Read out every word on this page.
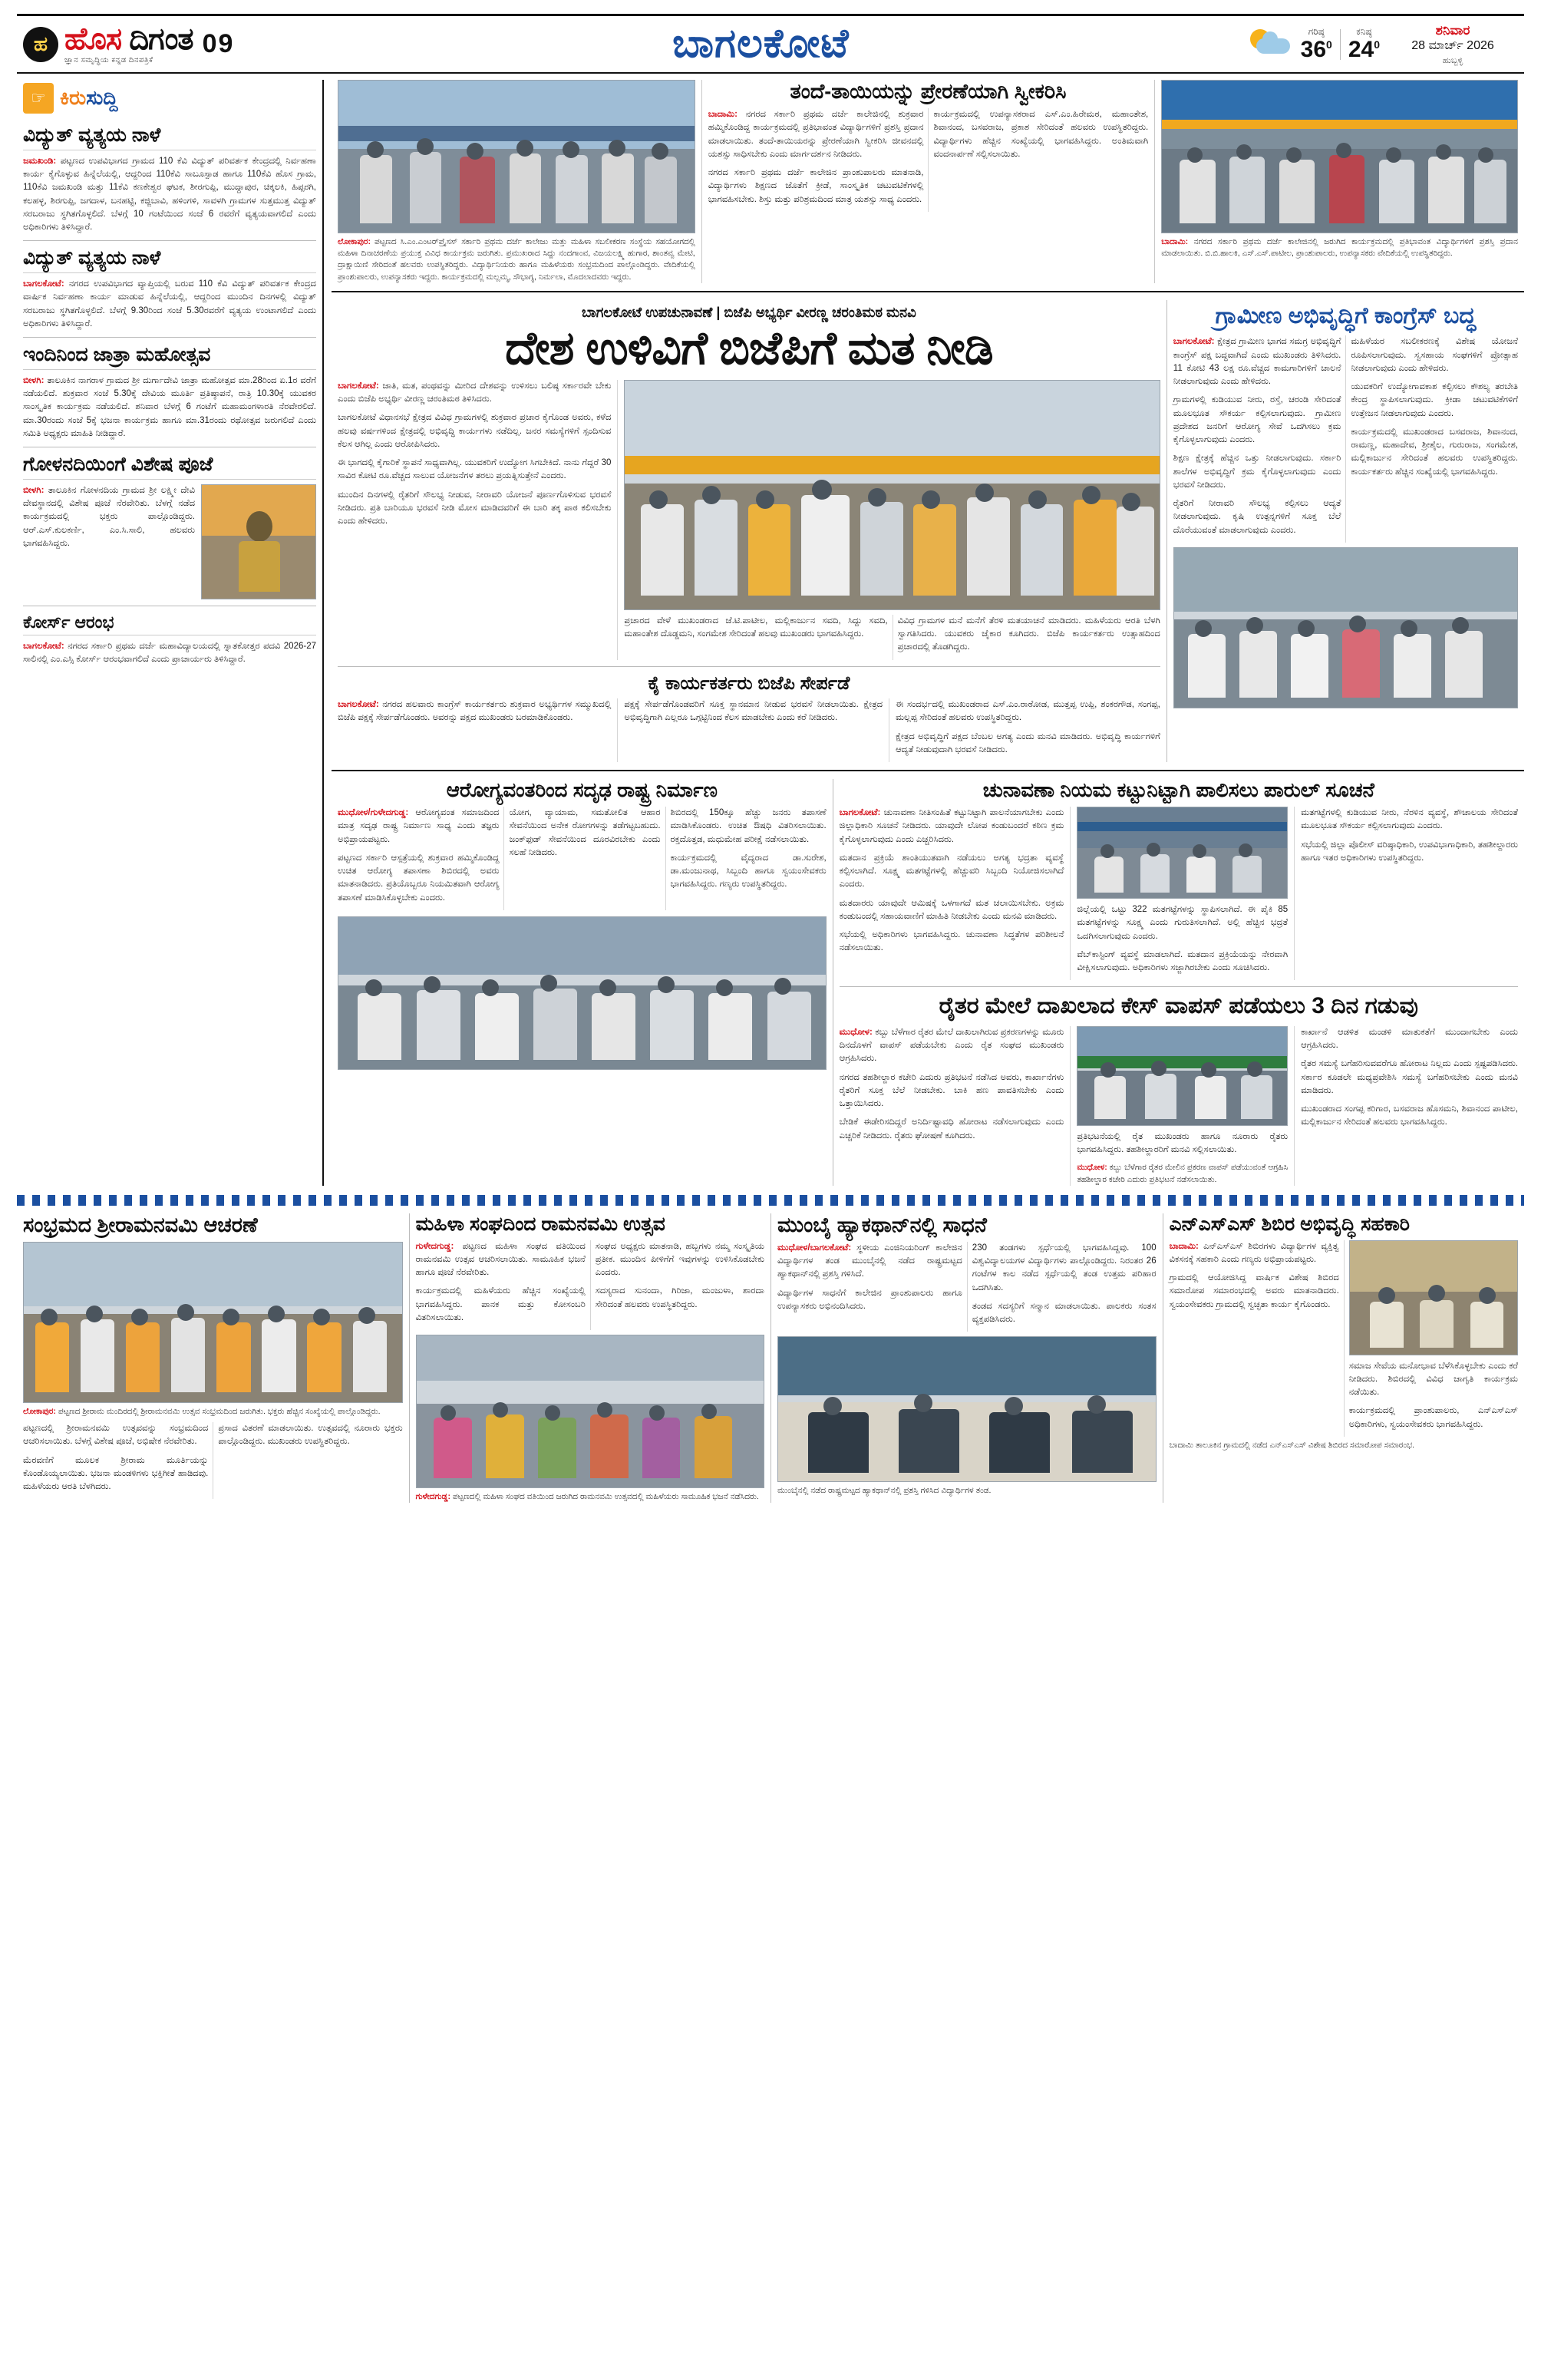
ಹ ಹೊಸ ದಿಗಂತ
ಜ್ಞಾನ ಸಮೃದ್ಧಿಯ ಕನ್ನಡ ದಿನಪತ್ರಿಕೆ
09	ಬಾಗಲಕೋಟೆ	ಗರಿಷ್ಠ
$36^0$
ಕನಿಷ್ಠ
$24^0$
ಶನಿವಾರ
28 ಮಾರ್ಚ್ 2026
ಹುಬ್ಬಳ್ಳಿ
☞ ಕಿರುಸುದ್ದಿ
ವಿದ್ಯುತ್ ವ್ಯತ್ಯಯ ನಾಳೆ

ಜಮಖಂಡಿ: ಪಟ್ಟಣದ ಉಪವಿಭಾಗದ ಗ್ರಾಮದ 110 ಕೆವಿ ವಿದ್ಯುತ್ ಪರಿವರ್ತಕ ಕೇಂದ್ರದಲ್ಲಿ ನಿರ್ವಹಣಾ ಕಾರ್ಯ ಕೈಗೊಳ್ಳುವ ಹಿನ್ನೆಲೆಯಲ್ಲಿ, ಆದ್ದರಿಂದ 110ಕೆವಿ ಸಾಬೂಸ್ಪಾಡ ಹಾಗೂ 110ಕೆವಿ ಹೊಸ ಗ್ರಾಮ, 110ಕೆವಿ ಜಮಖಂಡಿ ಮತ್ತು 11ಕೆವಿ ಕಣಕೇಶ್ವರ ಘಟಕ, ಶೀರಗುಪ್ಪಿ, ಮುದ್ದಾಪುರ, ಚಿಕ್ಕಲಕಿ, ಹಿಪ್ಪರಗಿ, ಕಲಹಳ್ಳ, ಶಿರಗುಪ್ಪಿ, ಜಗದಾಳ, ಬನಹಟ್ಟಿ, ಕಜ್ಜಿಬಾವಿ, ಹಳಿಂಗಳಿ, ಸಾವಳಗಿ ಗ್ರಾಮಗಳ ಸುತ್ತಮುತ್ತ ವಿದ್ಯುತ್ ಸರಬರಾಜು ಸ್ಥಗಿತಗೊಳ್ಳಲಿದೆ. ಬೆಳಗ್ಗೆ 10 ಗಂಟೆಯಿಂದ ಸಂಜೆ 6 ರವರೆಗೆ ವ್ಯತ್ಯಯವಾಗಲಿದೆ ಎಂದು ಅಧಿಕಾರಿಗಳು ತಿಳಿಸಿದ್ದಾರೆ.

ವಿದ್ಯುತ್ ವ್ಯತ್ಯಯ ನಾಳೆ

ಬಾಗಲಕೋಟೆ: ನಗರದ ಉಪವಿಭಾಗದ ವ್ಯಾಪ್ತಿಯಲ್ಲಿ ಬರುವ 110 ಕೆವಿ ವಿದ್ಯುತ್ ಪರಿವರ್ತಕ ಕೇಂದ್ರದ ವಾರ್ಷಿಕ ನಿರ್ವಹಣಾ ಕಾರ್ಯ ಮಾಡುವ ಹಿನ್ನೆಲೆಯಲ್ಲಿ, ಆದ್ದರಿಂದ ಮುಂದಿನ ದಿನಗಳಲ್ಲಿ ವಿದ್ಯುತ್ ಸರಬರಾಜು ಸ್ಥಗಿತಗೊಳ್ಳಲಿದೆ. ಬೆಳಗ್ಗೆ 9.30ರಿಂದ ಸಂಜೆ 5.30ರವರೆಗೆ ವ್ಯತ್ಯಯ ಉಂಟಾಗಲಿದೆ ಎಂದು ಅಧಿಕಾರಿಗಳು ತಿಳಿಸಿದ್ದಾರೆ.

ಇಂದಿನಿಂದ ಜಾತ್ರಾ ಮಹೋತ್ಸವ

ಬೀಳಗಿ: ತಾಲೂಕಿನ ನಾಗರಾಳ ಗ್ರಾಮದ ಶ್ರೀ ದುರ್ಗಾದೇವಿ ಜಾತ್ರಾ ಮಹೋತ್ಸವ ಮಾ.28ರಿಂದ ಏ.1ರ ವರೆಗೆ ನಡೆಯಲಿದೆ. ಶುಕ್ರವಾರ ಸಂಜೆ 5.30ಕ್ಕೆ ದೇವಿಯ ಮೂರ್ತಿ ಪ್ರತಿಷ್ಠಾಪನೆ, ರಾತ್ರಿ 10.30ಕ್ಕೆ ಯುವಕರ ಸಾಂಸ್ಕೃತಿಕ ಕಾರ್ಯಕ್ರಮ ನಡೆಯಲಿದೆ. ಶನಿವಾರ ಬೆಳಗ್ಗೆ 6 ಗಂಟೆಗೆ ಮಹಾಮಂಗಳಾರತಿ ನೆರವೇರಲಿದೆ. ಮಾ.30ರಂದು ಸಂಜೆ 5ಕ್ಕೆ ಭಜನಾ ಕಾರ್ಯಕ್ರಮ ಹಾಗೂ ಮಾ.31ರಂದು ರಥೋತ್ಸವ ಜರುಗಲಿದೆ ಎಂದು ಸಮಿತಿ ಅಧ್ಯಕ್ಷರು ಮಾಹಿತಿ ನೀಡಿದ್ದಾರೆ.

ಗೋಳನದಿಯಿಂಗೆ ವಿಶೇಷ ಪೂಜೆ

ಬೀಳಗಿ: ತಾಲೂಕಿನ ಗೋಳನದಿಯ ಗ್ರಾಮದ ಶ್ರೀ ಲಕ್ಷ್ಮೀ ದೇವಿ ದೇವಸ್ಥಾನದಲ್ಲಿ ವಿಶೇಷ ಪೂಜೆ ನೆರವೇರಿತು. ಬೆಳಗ್ಗೆ ನಡೆದ ಕಾರ್ಯಕ್ರಮದಲ್ಲಿ ಭಕ್ತರು ಪಾಲ್ಗೊಂಡಿದ್ದರು. ಆರ್.ಎಸ್.ಕುಲಕರ್ಣಿ, ಎಂ.ಸಿ.ಸಾಲಿ, ಹಲವರು ಭಾಗವಹಿಸಿದ್ದರು.

ಕೋರ್ಸ್ ಆರಂಭ

ಬಾಗಲಕೋಟೆ: ನಗರದ ಸರ್ಕಾರಿ ಪ್ರಥಮ ದರ್ಜೆ ಮಹಾವಿದ್ಯಾಲಯದಲ್ಲಿ ಸ್ನಾತಕೋತ್ತರ ಪದವಿ 2026-27 ಸಾಲಿನಲ್ಲಿ ಎಂ.ಎಸ್ಸಿ ಕೋರ್ಸ್ ಆರಂಭವಾಗಲಿದೆ ಎಂದು ಪ್ರಾಚಾರ್ಯರು ತಿಳಿಸಿದ್ದಾರೆ.

ಲೋಕಾಪುರ: ಪಟ್ಟಣದ ಸಿ.ಎಂ.ಎಂಟರ್‌ಪ್ರೈಸಸ್ ಸರ್ಕಾರಿ ಪ್ರಥಮ ದರ್ಜೆ ಕಾಲೇಜು ಮತ್ತು ಮಹಿಳಾ ಸಬಲೀಕರಣ ಸಂಸ್ಥೆಯ ಸಹಯೋಗದಲ್ಲಿ ಮಹಿಳಾ ದಿನಾಚರಣೆಯ ಪ್ರಯುಕ್ತ ವಿವಿಧ ಕಾರ್ಯಕ್ರಮ ಜರುಗಿತು. ಪ್ರಮುಖರಾದ ಸಿದ್ದು ನಂದಗಾಂವ, ವಿಜಯಲಕ್ಷ್ಮಿ ಹುಗಾರ, ಶಾಂತವ್ವ ಮೇಟಿ, ದ್ರಾಕ್ಷಾಯಿಣಿ ಸೇರಿದಂತೆ ಹಲವರು ಉಪಸ್ಥಿತರಿದ್ದರು. ವಿದ್ಯಾರ್ಥಿನಿಯರು ಹಾಗೂ ಮಹಿಳೆಯರು ಸಂಭ್ರಮದಿಂದ ಪಾಲ್ಗೊಂಡಿದ್ದರು. ವೇದಿಕೆಯಲ್ಲಿ ಪ್ರಾಂಶುಪಾಲರು, ಉಪನ್ಯಾಸಕರು ಇದ್ದರು. ಕಾರ್ಯಕ್ರಮದಲ್ಲಿ ಮಲ್ಲಮ್ಮ, ಸೌಭಾಗ್ಯ, ನಿರ್ಮಲಾ, ಮೊದಲಾದವರು ಇದ್ದರು.
ತಂದೆ-ತಾಯಿಯನ್ನು ಪ್ರೇರಣೆಯಾಗಿ ಸ್ವೀಕರಿಸಿ

ಬಾದಾಮಿ: ನಗರದ ಸರ್ಕಾರಿ ಪ್ರಥಮ ದರ್ಜೆ ಕಾಲೇಜಿನಲ್ಲಿ ಶುಕ್ರವಾರ ಹಮ್ಮಿಕೊಂಡಿದ್ದ ಕಾರ್ಯಕ್ರಮದಲ್ಲಿ ಪ್ರತಿಭಾವಂತ ವಿದ್ಯಾರ್ಥಿಗಳಿಗೆ ಪ್ರಶಸ್ತಿ ಪ್ರದಾನ ಮಾಡಲಾಯಿತು. ತಂದೆ-ತಾಯಿಯರನ್ನು ಪ್ರೇರಣೆಯಾಗಿ ಸ್ವೀಕರಿಸಿ ಜೀವನದಲ್ಲಿ ಯಶಸ್ಸು ಸಾಧಿಸಬೇಕು ಎಂದು ಮಾರ್ಗದರ್ಶನ ನೀಡಿದರು.

ನಗರದ ಸರ್ಕಾರಿ ಪ್ರಥಮ ದರ್ಜೆ ಕಾಲೇಜಿನ ಪ್ರಾಂಶುಪಾಲರು ಮಾತನಾಡಿ, ವಿದ್ಯಾರ್ಥಿಗಳು ಶಿಕ್ಷಣದ ಜೊತೆಗೆ ಕ್ರೀಡೆ, ಸಾಂಸ್ಕೃತಿಕ ಚಟುವಟಿಕೆಗಳಲ್ಲಿ ಭಾಗವಹಿಸಬೇಕು. ಶಿಸ್ತು ಮತ್ತು ಪರಿಶ್ರಮದಿಂದ ಮಾತ್ರ ಯಶಸ್ಸು ಸಾಧ್ಯ ಎಂದರು.

ಕಾರ್ಯಕ್ರಮದಲ್ಲಿ ಉಪನ್ಯಾಸಕರಾದ ಎಸ್.ಎಂ.ಹಿರೇಮಠ, ಮಹಾಂತೇಶ, ಶಿವಾನಂದ, ಬಸವರಾಜ, ಪ್ರಕಾಶ ಸೇರಿದಂತೆ ಹಲವರು ಉಪಸ್ಥಿತರಿದ್ದರು. ವಿದ್ಯಾರ್ಥಿಗಳು ಹೆಚ್ಚಿನ ಸಂಖ್ಯೆಯಲ್ಲಿ ಭಾಗವಹಿಸಿದ್ದರು. ಅಂತಿಮವಾಗಿ ವಂದನಾರ್ಪಣೆ ಸಲ್ಲಿಸಲಾಯಿತು.

ಬಾದಾಮಿ: ನಗರದ ಸರ್ಕಾರಿ ಪ್ರಥಮ ದರ್ಜೆ ಕಾಲೇಜಿನಲ್ಲಿ ಜರುಗಿದ ಕಾರ್ಯಕ್ರಮದಲ್ಲಿ ಪ್ರತಿಭಾವಂತ ವಿದ್ಯಾರ್ಥಿಗಳಿಗೆ ಪ್ರಶಸ್ತಿ ಪ್ರದಾನ ಮಾಡಲಾಯಿತು. ಬಿ.ಬಿ.ಹಾಲಕಿ, ಎಸ್.ಎಸ್.ಪಾಟೀಲ, ಪ್ರಾಂಶುಪಾಲರು, ಉಪನ್ಯಾಸಕರು ವೇದಿಕೆಯಲ್ಲಿ ಉಪಸ್ಥಿತರಿದ್ದರು.
ಬಾಗಲಕೋಟೆ ಉಪಚುನಾವಣೆ | ಬಿಜೆಪಿ ಅಭ್ಯರ್ಥಿ ವೀರಣ್ಣ ಚರಂತಿಮಠ ಮನವಿ
ದೇಶ ಉಳಿವಿಗೆ ಬಿಜೆಪಿಗೆ ಮತ ನೀಡಿ

ಬಾಗಲಕೋಟೆ: ಜಾತಿ, ಮತ, ಪಂಥವನ್ನು ಮೀರಿದ ದೇಶವನ್ನು ಉಳಿಸಲು ಬಲಿಷ್ಠ ಸರ್ಕಾರವೇ ಬೇಕು ಎಂದು ಬಿಜೆಪಿ ಅಭ್ಯರ್ಥಿ ವೀರಣ್ಣ ಚರಂತಿಮಠ ತಿಳಿಸಿದರು.

ಬಾಗಲಕೋಟೆ ವಿಧಾನಸಭೆ ಕ್ಷೇತ್ರದ ವಿವಿಧ ಗ್ರಾಮಗಳಲ್ಲಿ ಶುಕ್ರವಾರ ಪ್ರಚಾರ ಕೈಗೊಂಡ ಅವರು, ಕಳೆದ ಹಲವು ವರ್ಷಗಳಿಂದ ಕ್ಷೇತ್ರದಲ್ಲಿ ಅಭಿವೃದ್ಧಿ ಕಾರ್ಯಗಳು ನಡೆದಿಲ್ಲ. ಜನರ ಸಮಸ್ಯೆಗಳಿಗೆ ಸ್ಪಂದಿಸುವ ಕೆಲಸ ಆಗಿಲ್ಲ ಎಂದು ಆರೋಪಿಸಿದರು.

ಈ ಭಾಗದಲ್ಲಿ ಕೈಗಾರಿಕೆ ಸ್ಥಾಪನೆ ಸಾಧ್ಯವಾಗಿಲ್ಲ. ಯುವಕರಿಗೆ ಉದ್ಯೋಗ ಸಿಗಬೇಕಿದೆ. ನಾನು ಗೆದ್ದರೆ 30 ಸಾವಿರ ಕೋಟಿ ರೂ.ವೆಚ್ಚದ ಸಾಲುವ ಯೋಜನೆಗಳ ತರಲು ಪ್ರಯತ್ನಿಸುತ್ತೇನೆ ಎಂದರು.

ಮುಂದಿನ ದಿನಗಳಲ್ಲಿ ರೈತರಿಗೆ ಸೌಲಭ್ಯ ನೀಡುವ, ನೀರಾವರಿ ಯೋಜನೆ ಪೂರ್ಣಗೊಳಿಸುವ ಭರವಸೆ ನೀಡಿದರು. ಪ್ರತಿ ಬಾರಿಯೂ ಭರವಸೆ ನೀಡಿ ಮೋಸ ಮಾಡಿದವರಿಗೆ ಈ ಬಾರಿ ತಕ್ಕ ಪಾಠ ಕಲಿಸಬೇಕು ಎಂದು ಹೇಳಿದರು.

ಪ್ರಚಾರದ ವೇಳೆ ಮುಖಂಡರಾದ ಜೆ.ಟಿ.ಪಾಟೀಲ, ಮಲ್ಲಿಕಾರ್ಜುನ ಸವದಿ, ಸಿದ್ದು ಸವದಿ, ಮಹಾಂತೇಶ ದೊಡ್ಡಮನಿ, ಸಂಗಮೇಶ ಸೇರಿದಂತೆ ಹಲವು ಮುಖಂಡರು ಭಾಗವಹಿಸಿದ್ದರು.

ವಿವಿಧ ಗ್ರಾಮಗಳ ಮನೆ ಮನೆಗೆ ತೆರಳಿ ಮತಯಾಚನೆ ಮಾಡಿದರು. ಮಹಿಳೆಯರು ಆರತಿ ಬೆಳಗಿ ಸ್ವಾಗತಿಸಿದರು. ಯುವಕರು ಜೈಕಾರ ಕೂಗಿದರು. ಬಿಜೆಪಿ ಕಾರ್ಯಕರ್ತರು ಉತ್ಸಾಹದಿಂದ ಪ್ರಚಾರದಲ್ಲಿ ತೊಡಗಿದ್ದರು.

ಕೈ ಕಾರ್ಯಕರ್ತರು ಬಿಜೆಪಿ ಸೇರ್ಪಡೆ

ಬಾಗಲಕೋಟೆ: ನಗರದ ಹಲವಾರು ಕಾಂಗ್ರೆಸ್ ಕಾರ್ಯಕರ್ತರು ಶುಕ್ರವಾರ ಅಭ್ಯರ್ಥಿಗಳ ಸಮ್ಮುಖದಲ್ಲಿ ಬಿಜೆಪಿ ಪಕ್ಷಕ್ಕೆ ಸೇರ್ಪಡೆಗೊಂಡರು. ಅವರನ್ನು ಪಕ್ಷದ ಮುಖಂಡರು ಬರಮಾಡಿಕೊಂಡರು.

ಪಕ್ಷಕ್ಕೆ ಸೇರ್ಪಡೆಗೊಂಡವರಿಗೆ ಸೂಕ್ತ ಸ್ಥಾನಮಾನ ನೀಡುವ ಭರವಸೆ ನೀಡಲಾಯಿತು. ಕ್ಷೇತ್ರದ ಅಭಿವೃದ್ಧಿಗಾಗಿ ಎಲ್ಲರೂ ಒಗ್ಗಟ್ಟಿನಿಂದ ಕೆಲಸ ಮಾಡಬೇಕು ಎಂದು ಕರೆ ನೀಡಿದರು.

ಈ ಸಂದರ್ಭದಲ್ಲಿ ಮುಖಂಡರಾದ ಎಸ್.ಎಂ.ರಾಠೋಡ, ಮುತ್ತಪ್ಪ ಉಪ್ಪಿ, ಶಂಕರಗೌಡ, ಸಂಗಪ್ಪ, ಮಲ್ಲಪ್ಪ ಸೇರಿದಂತೆ ಹಲವರು ಉಪಸ್ಥಿತರಿದ್ದರು.

ಕ್ಷೇತ್ರದ ಅಭಿವೃದ್ಧಿಗೆ ಪಕ್ಷದ ಬೆಂಬಲ ಅಗತ್ಯ ಎಂದು ಮನವಿ ಮಾಡಿದರು. ಅಭಿವೃದ್ಧಿ ಕಾರ್ಯಗಳಿಗೆ ಆದ್ಯತೆ ನೀಡುವುದಾಗಿ ಭರವಸೆ ನೀಡಿದರು.

ಗ್ರಾಮೀಣ ಅಭಿವೃದ್ಧಿಗೆ ಕಾಂಗ್ರೆಸ್ ಬದ್ಧ

ಬಾಗಲಕೋಟೆ: ಕ್ಷೇತ್ರದ ಗ್ರಾಮೀಣ ಭಾಗದ ಸಮಗ್ರ ಅಭಿವೃದ್ಧಿಗೆ ಕಾಂಗ್ರೆಸ್ ಪಕ್ಷ ಬದ್ಧವಾಗಿದೆ ಎಂದು ಮುಖಂಡರು ತಿಳಿಸಿದರು. 11 ಕೋಟಿ 43 ಲಕ್ಷ ರೂ.ವೆಚ್ಚದ ಕಾಮಗಾರಿಗಳಿಗೆ ಚಾಲನೆ ನೀಡಲಾಗುವುದು ಎಂದು ಹೇಳಿದರು.

ಗ್ರಾಮಗಳಲ್ಲಿ ಕುಡಿಯುವ ನೀರು, ರಸ್ತೆ, ಚರಂಡಿ ಸೇರಿದಂತೆ ಮೂಲಭೂತ ಸೌಕರ್ಯ ಕಲ್ಪಿಸಲಾಗುವುದು. ಗ್ರಾಮೀಣ ಪ್ರದೇಶದ ಜನರಿಗೆ ಆರೋಗ್ಯ ಸೇವೆ ಒದಗಿಸಲು ಕ್ರಮ ಕೈಗೊಳ್ಳಲಾಗುವುದು ಎಂದರು.

ಶಿಕ್ಷಣ ಕ್ಷೇತ್ರಕ್ಕೆ ಹೆಚ್ಚಿನ ಒತ್ತು ನೀಡಲಾಗುವುದು. ಸರ್ಕಾರಿ ಶಾಲೆಗಳ ಅಭಿವೃದ್ಧಿಗೆ ಕ್ರಮ ಕೈಗೊಳ್ಳಲಾಗುವುದು ಎಂದು ಭರವಸೆ ನೀಡಿದರು.

ರೈತರಿಗೆ ನೀರಾವರಿ ಸೌಲಭ್ಯ ಕಲ್ಪಿಸಲು ಆದ್ಯತೆ ನೀಡಲಾಗುವುದು. ಕೃಷಿ ಉತ್ಪನ್ನಗಳಿಗೆ ಸೂಕ್ತ ಬೆಲೆ ದೊರೆಯುವಂತೆ ಮಾಡಲಾಗುವುದು ಎಂದರು.

ಮಹಿಳೆಯರ ಸಬಲೀಕರಣಕ್ಕೆ ವಿಶೇಷ ಯೋಜನೆ ರೂಪಿಸಲಾಗುವುದು. ಸ್ವಸಹಾಯ ಸಂಘಗಳಿಗೆ ಪ್ರೋತ್ಸಾಹ ನೀಡಲಾಗುವುದು ಎಂದು ಹೇಳಿದರು.

ಯುವಕರಿಗೆ ಉದ್ಯೋಗಾವಕಾಶ ಕಲ್ಪಿಸಲು ಕೌಶಲ್ಯ ತರಬೇತಿ ಕೇಂದ್ರ ಸ್ಥಾಪಿಸಲಾಗುವುದು. ಕ್ರೀಡಾ ಚಟುವಟಿಕೆಗಳಿಗೆ ಉತ್ತೇಜನ ನೀಡಲಾಗುವುದು ಎಂದರು.

ಕಾರ್ಯಕ್ರಮದಲ್ಲಿ ಮುಖಂಡರಾದ ಬಸವರಾಜ, ಶಿವಾನಂದ, ರಾಮಣ್ಣ, ಮಹಾದೇವ, ಶ್ರೀಶೈಲ, ಗುರುರಾಜ, ಸಂಗಮೇಶ, ಮಲ್ಲಿಕಾರ್ಜುನ ಸೇರಿದಂತೆ ಹಲವರು ಉಪಸ್ಥಿತರಿದ್ದರು. ಕಾರ್ಯಕರ್ತರು ಹೆಚ್ಚಿನ ಸಂಖ್ಯೆಯಲ್ಲಿ ಭಾಗವಹಿಸಿದ್ದರು.

ಆರೋಗ್ಯವಂತರಿಂದ ಸದೃಢ ರಾಷ್ಟ್ರ ನಿರ್ಮಾಣ

ಮುಧೋಳ/ಗುಳೇದಗುಡ್ಡ: ಆರೋಗ್ಯವಂತ ಸಮಾಜದಿಂದ ಮಾತ್ರ ಸದೃಢ ರಾಷ್ಟ್ರ ನಿರ್ಮಾಣ ಸಾಧ್ಯ ಎಂದು ತಜ್ಞರು ಅಭಿಪ್ರಾಯಪಟ್ಟರು.

ಪಟ್ಟಣದ ಸರ್ಕಾರಿ ಆಸ್ಪತ್ರೆಯಲ್ಲಿ ಶುಕ್ರವಾರ ಹಮ್ಮಿಕೊಂಡಿದ್ದ ಉಚಿತ ಆರೋಗ್ಯ ತಪಾಸಣಾ ಶಿಬಿರದಲ್ಲಿ ಅವರು ಮಾತನಾಡಿದರು. ಪ್ರತಿಯೊಬ್ಬರೂ ನಿಯಮಿತವಾಗಿ ಆರೋಗ್ಯ ತಪಾಸಣೆ ಮಾಡಿಸಿಕೊಳ್ಳಬೇಕು ಎಂದರು.

ಯೋಗ, ವ್ಯಾಯಾಮ, ಸಮತೋಲಿತ ಆಹಾರ ಸೇವನೆಯಿಂದ ಅನೇಕ ರೋಗಗಳನ್ನು ತಡೆಗಟ್ಟಬಹುದು. ಜಂಕ್‌ಫುಡ್ ಸೇವನೆಯಿಂದ ದೂರವಿರಬೇಕು ಎಂದು ಸಲಹೆ ನೀಡಿದರು.

ಶಿಬಿರದಲ್ಲಿ 150ಕ್ಕೂ ಹೆಚ್ಚು ಜನರು ತಪಾಸಣೆ ಮಾಡಿಸಿಕೊಂಡರು. ಉಚಿತ ಔಷಧಿ ವಿತರಿಸಲಾಯಿತು. ರಕ್ತದೊತ್ತಡ, ಮಧುಮೇಹ ಪರೀಕ್ಷೆ ನಡೆಸಲಾಯಿತು.

ಕಾರ್ಯಕ್ರಮದಲ್ಲಿ ವೈದ್ಯರಾದ ಡಾ.ಸುರೇಶ, ಡಾ.ಮಂಜುನಾಥ, ಸಿಬ್ಬಂದಿ ಹಾಗೂ ಸ್ವಯಂಸೇವಕರು ಭಾಗವಹಿಸಿದ್ದರು. ಗಣ್ಯರು ಉಪಸ್ಥಿತರಿದ್ದರು.

ಚುನಾವಣಾ ನಿಯಮ ಕಟ್ಟುನಿಟ್ಟಾಗಿ ಪಾಲಿಸಲು ಪಾರುಲ್ ಸೂಚನೆ

ಬಾಗಲಕೋಟೆ: ಚುನಾವಣಾ ನೀತಿಸಂಹಿತೆ ಕಟ್ಟುನಿಟ್ಟಾಗಿ ಪಾಲನೆಯಾಗಬೇಕು ಎಂದು ಜಿಲ್ಲಾಧಿಕಾರಿ ಸೂಚನೆ ನೀಡಿದರು. ಯಾವುದೇ ಲೋಪ ಕಂಡುಬಂದರೆ ಕಠಿಣ ಕ್ರಮ ಕೈಗೊಳ್ಳಲಾಗುವುದು ಎಂದು ಎಚ್ಚರಿಸಿದರು.

ಮತದಾನ ಪ್ರಕ್ರಿಯೆ ಶಾಂತಿಯುತವಾಗಿ ನಡೆಯಲು ಅಗತ್ಯ ಭದ್ರತಾ ವ್ಯವಸ್ಥೆ ಕಲ್ಪಿಸಲಾಗಿದೆ. ಸೂಕ್ಷ್ಮ ಮತಗಟ್ಟೆಗಳಲ್ಲಿ ಹೆಚ್ಚುವರಿ ಸಿಬ್ಬಂದಿ ನಿಯೋಜಿಸಲಾಗಿದೆ ಎಂದರು.

ಮತದಾರರು ಯಾವುದೇ ಆಮಿಷಕ್ಕೆ ಒಳಗಾಗದೆ ಮತ ಚಲಾಯಿಸಬೇಕು. ಅಕ್ರಮ ಕಂಡುಬಂದಲ್ಲಿ ಸಹಾಯವಾಣಿಗೆ ಮಾಹಿತಿ ನೀಡಬೇಕು ಎಂದು ಮನವಿ ಮಾಡಿದರು.

ಸಭೆಯಲ್ಲಿ ಅಧಿಕಾರಿಗಳು ಭಾಗವಹಿಸಿದ್ದರು. ಚುನಾವಣಾ ಸಿದ್ಧತೆಗಳ ಪರಿಶೀಲನೆ ನಡೆಸಲಾಯಿತು.

ಜಿಲ್ಲೆಯಲ್ಲಿ ಒಟ್ಟು 322 ಮತಗಟ್ಟೆಗಳನ್ನು ಸ್ಥಾಪಿಸಲಾಗಿದೆ. ಈ ಪೈಕಿ 85 ಮತಗಟ್ಟೆಗಳನ್ನು ಸೂಕ್ಷ್ಮ ಎಂದು ಗುರುತಿಸಲಾಗಿದೆ. ಅಲ್ಲಿ ಹೆಚ್ಚಿನ ಭದ್ರತೆ ಒದಗಿಸಲಾಗುವುದು ಎಂದರು.

ವೆಬ್‌ಕಾಸ್ಟಿಂಗ್ ವ್ಯವಸ್ಥೆ ಮಾಡಲಾಗಿದೆ. ಮತದಾನ ಪ್ರಕ್ರಿಯೆಯನ್ನು ನೇರವಾಗಿ ವೀಕ್ಷಿಸಲಾಗುವುದು. ಅಧಿಕಾರಿಗಳು ಸಜ್ಜಾಗಿರಬೇಕು ಎಂದು ಸೂಚಿಸಿದರು.

ಮತಗಟ್ಟೆಗಳಲ್ಲಿ ಕುಡಿಯುವ ನೀರು, ನೆರಳಿನ ವ್ಯವಸ್ಥೆ, ಶೌಚಾಲಯ ಸೇರಿದಂತೆ ಮೂಲಭೂತ ಸೌಕರ್ಯ ಕಲ್ಪಿಸಲಾಗುವುದು ಎಂದರು.

ಸಭೆಯಲ್ಲಿ ಜಿಲ್ಲಾ ಪೊಲೀಸ್ ವರಿಷ್ಠಾಧಿಕಾರಿ, ಉಪವಿಭಾಗಾಧಿಕಾರಿ, ತಹಶೀಲ್ದಾರರು ಹಾಗೂ ಇತರ ಅಧಿಕಾರಿಗಳು ಉಪಸ್ಥಿತರಿದ್ದರು.

ರೈತರ ಮೇಲೆ ದಾಖಲಾದ ಕೇಸ್ ವಾಪಸ್ ಪಡೆಯಲು 3 ದಿನ ಗಡುವು

ಮುಧೋಳ: ಕಬ್ಬು ಬೆಳೆಗಾರ ರೈತರ ಮೇಲೆ ದಾಖಲಾಗಿರುವ ಪ್ರಕರಣಗಳನ್ನು ಮೂರು ದಿನದೊಳಗೆ ವಾಪಸ್ ಪಡೆಯಬೇಕು ಎಂದು ರೈತ ಸಂಘದ ಮುಖಂಡರು ಆಗ್ರಹಿಸಿದರು.

ನಗರದ ತಹಶೀಲ್ದಾರ ಕಚೇರಿ ಎದುರು ಪ್ರತಿಭಟನೆ ನಡೆಸಿದ ಅವರು, ಕಾರ್ಖಾನೆಗಳು ರೈತರಿಗೆ ಸೂಕ್ತ ಬೆಲೆ ನೀಡಬೇಕು. ಬಾಕಿ ಹಣ ಪಾವತಿಸಬೇಕು ಎಂದು ಒತ್ತಾಯಿಸಿದರು.

ಬೇಡಿಕೆ ಈಡೇರಿಸದಿದ್ದರೆ ಅನಿರ್ದಿಷ್ಟಾವಧಿ ಹೋರಾಟ ನಡೆಸಲಾಗುವುದು ಎಂದು ಎಚ್ಚರಿಕೆ ನೀಡಿದರು. ರೈತರು ಘೋಷಣೆ ಕೂಗಿದರು.	ಪ್ರತಿಭಟನೆಯಲ್ಲಿ ರೈತ ಮುಖಂಡರು ಹಾಗೂ ನೂರಾರು ರೈತರು ಭಾಗವಹಿಸಿದ್ದರು. ತಹಶೀಲ್ದಾರರಿಗೆ ಮನವಿ ಸಲ್ಲಿಸಲಾಯಿತು.

ಮುಧೋಳ: ಕಬ್ಬು ಬೆಳೆಗಾರ ರೈತರ ಮೇಲಿನ ಪ್ರಕರಣ ವಾಪಸ್ ಪಡೆಯುವಂತೆ ಆಗ್ರಹಿಸಿ ತಹಶೀಲ್ದಾರ ಕಚೇರಿ ಎದುರು ಪ್ರತಿಭಟನೆ ನಡೆಸಲಾಯಿತು.

ಕಾರ್ಖಾನೆ ಆಡಳಿತ ಮಂಡಳಿ ಮಾತುಕತೆಗೆ ಮುಂದಾಗಬೇಕು ಎಂದು ಆಗ್ರಹಿಸಿದರು.

ರೈತರ ಸಮಸ್ಯೆ ಬಗೆಹರಿಸುವವರೆಗೂ ಹೋರಾಟ ನಿಲ್ಲದು ಎಂದು ಸ್ಪಷ್ಟಪಡಿಸಿದರು. ಸರ್ಕಾರ ಕೂಡಲೇ ಮಧ್ಯಪ್ರವೇಶಿಸಿ ಸಮಸ್ಯೆ ಬಗೆಹರಿಸಬೇಕು ಎಂದು ಮನವಿ ಮಾಡಿದರು.

ಮುಖಂಡರಾದ ಸಂಗಪ್ಪ ಕರಿಗಾರ, ಬಸವರಾಜ ಹೊಸಮನಿ, ಶಿವಾನಂದ ಪಾಟೀಲ, ಮಲ್ಲಿಕಾರ್ಜುನ ಸೇರಿದಂತೆ ಹಲವರು ಭಾಗವಹಿಸಿದ್ದರು.

ಸಂಭ್ರಮದ ಶ್ರೀರಾಮನವಮಿ ಆಚರಣೆ
ಲೋಕಾಪುರ: ಪಟ್ಟಣದ ಶ್ರೀರಾಮ ಮಂದಿರದಲ್ಲಿ ಶ್ರೀರಾಮನವಮಿ ಉತ್ಸವ ಸಂಭ್ರಮದಿಂದ ಜರುಗಿತು. ಭಕ್ತರು ಹೆಚ್ಚಿನ ಸಂಖ್ಯೆಯಲ್ಲಿ ಪಾಲ್ಗೊಂಡಿದ್ದರು.

ಪಟ್ಟಣದಲ್ಲಿ ಶ್ರೀರಾಮನವಮಿ ಉತ್ಸವವನ್ನು ಸಂಭ್ರಮದಿಂದ ಆಚರಿಸಲಾಯಿತು. ಬೆಳಗ್ಗೆ ವಿಶೇಷ ಪೂಜೆ, ಅಭಿಷೇಕ ನೆರವೇರಿತು.

ಮೆರವಣಿಗೆ ಮೂಲಕ ಶ್ರೀರಾಮ ಮೂರ್ತಿಯನ್ನು ಕೊಂಡೊಯ್ಯಲಾಯಿತು. ಭಜನಾ ಮಂಡಳಿಗಳು ಭಕ್ತಿಗೀತೆ ಹಾಡಿದವು. ಮಹಿಳೆಯರು ಆರತಿ ಬೆಳಗಿದರು.

ಪ್ರಸಾದ ವಿತರಣೆ ಮಾಡಲಾಯಿತು. ಉತ್ಸವದಲ್ಲಿ ನೂರಾರು ಭಕ್ತರು ಪಾಲ್ಗೊಂಡಿದ್ದರು. ಮುಖಂಡರು ಉಪಸ್ಥಿತರಿದ್ದರು.

ಮಹಿಳಾ ಸಂಘದಿಂದ ರಾಮನವಮಿ ಉತ್ಸವ

ಗುಳೇದಗುಡ್ಡ: ಪಟ್ಟಣದ ಮಹಿಳಾ ಸಂಘದ ವತಿಯಿಂದ ರಾಮನವಮಿ ಉತ್ಸವ ಆಚರಿಸಲಾಯಿತು. ಸಾಮೂಹಿಕ ಭಜನೆ ಹಾಗೂ ಪೂಜೆ ನೆರವೇರಿತು.

ಕಾರ್ಯಕ್ರಮದಲ್ಲಿ ಮಹಿಳೆಯರು ಹೆಚ್ಚಿನ ಸಂಖ್ಯೆಯಲ್ಲಿ ಭಾಗವಹಿಸಿದ್ದರು. ಪಾನಕ ಮತ್ತು ಕೋಸಂಬರಿ ವಿತರಿಸಲಾಯಿತು.

ಸಂಘದ ಅಧ್ಯಕ್ಷರು ಮಾತನಾಡಿ, ಹಬ್ಬಗಳು ನಮ್ಮ ಸಂಸ್ಕೃತಿಯ ಪ್ರತೀಕ. ಮುಂದಿನ ಪೀಳಿಗೆಗೆ ಇವುಗಳನ್ನು ಉಳಿಸಿಕೊಡಬೇಕು ಎಂದರು.

ಸದಸ್ಯರಾದ ಸುನಂದಾ, ಗಿರಿಜಾ, ಮಂಜುಳಾ, ಶಾರದಾ ಸೇರಿದಂತೆ ಹಲವರು ಉಪಸ್ಥಿತರಿದ್ದರು.

ಗುಳೇದಗುಡ್ಡ: ಪಟ್ಟಣದಲ್ಲಿ ಮಹಿಳಾ ಸಂಘದ ವತಿಯಿಂದ ಜರುಗಿದ ರಾಮನವಮಿ ಉತ್ಸವದಲ್ಲಿ ಮಹಿಳೆಯರು ಸಾಮೂಹಿಕ ಭಜನೆ ನಡೆಸಿದರು.
ಮುಂಬೈ ಹ್ಯಾಕಥಾನ್‌ನಲ್ಲಿ ಸಾಧನೆ

ಮುಧೋಳ/ಬಾಗಲಕೋಟೆ: ಸ್ಥಳೀಯ ಎಂಜಿನಿಯರಿಂಗ್ ಕಾಲೇಜಿನ ವಿದ್ಯಾರ್ಥಿಗಳ ತಂಡ ಮುಂಬೈನಲ್ಲಿ ನಡೆದ ರಾಷ್ಟ್ರಮಟ್ಟದ ಹ್ಯಾಕಥಾನ್‌ನಲ್ಲಿ ಪ್ರಶಸ್ತಿ ಗಳಿಸಿದೆ.

ವಿದ್ಯಾರ್ಥಿಗಳ ಸಾಧನೆಗೆ ಕಾಲೇಜಿನ ಪ್ರಾಂಶುಪಾಲರು ಹಾಗೂ ಉಪನ್ಯಾಸಕರು ಅಭಿನಂದಿಸಿದರು.

230 ತಂಡಗಳು ಸ್ಪರ್ಧೆಯಲ್ಲಿ ಭಾಗವಹಿಸಿದ್ದವು. 100 ವಿಶ್ವವಿದ್ಯಾಲಯಗಳ ವಿದ್ಯಾರ್ಥಿಗಳು ಪಾಲ್ಗೊಂಡಿದ್ದರು. ನಿರಂತರ 26 ಗಂಟೆಗಳ ಕಾಲ ನಡೆದ ಸ್ಪರ್ಧೆಯಲ್ಲಿ ತಂಡ ಉತ್ತಮ ಪರಿಹಾರ ಒದಗಿಸಿತು.

ತಂಡದ ಸದಸ್ಯರಿಗೆ ಸನ್ಮಾನ ಮಾಡಲಾಯಿತು. ಪಾಲಕರು ಸಂತಸ ವ್ಯಕ್ತಪಡಿಸಿದರು.

ಮುಂಬೈನಲ್ಲಿ ನಡೆದ ರಾಷ್ಟ್ರಮಟ್ಟದ ಹ್ಯಾಕಥಾನ್‌ನಲ್ಲಿ ಪ್ರಶಸ್ತಿ ಗಳಿಸಿದ ವಿದ್ಯಾರ್ಥಿಗಳ ತಂಡ.
ಎನ್‌ಎಸ್‌ಎಸ್ ಶಿಬಿರ ಅಭಿವೃದ್ಧಿ ಸಹಕಾರಿ

ಬಾದಾಮಿ: ಎನ್‌ಎಸ್‌ಎಸ್ ಶಿಬಿರಗಳು ವಿದ್ಯಾರ್ಥಿಗಳ ವ್ಯಕ್ತಿತ್ವ ವಿಕಸನಕ್ಕೆ ಸಹಕಾರಿ ಎಂದು ಗಣ್ಯರು ಅಭಿಪ್ರಾಯಪಟ್ಟರು.

ಗ್ರಾಮದಲ್ಲಿ ಆಯೋಜಿಸಿದ್ದ ವಾರ್ಷಿಕ ವಿಶೇಷ ಶಿಬಿರದ ಸಮಾರೋಪ ಸಮಾರಂಭದಲ್ಲಿ ಅವರು ಮಾತನಾಡಿದರು. ಸ್ವಯಂಸೇವಕರು ಗ್ರಾಮದಲ್ಲಿ ಸ್ವಚ್ಛತಾ ಕಾರ್ಯ ಕೈಗೊಂಡರು.

ಸಮಾಜ ಸೇವೆಯ ಮನೋಭಾವ ಬೆಳೆಸಿಕೊಳ್ಳಬೇಕು ಎಂದು ಕರೆ ನೀಡಿದರು. ಶಿಬಿರದಲ್ಲಿ ವಿವಿಧ ಜಾಗೃತಿ ಕಾರ್ಯಕ್ರಮ ನಡೆಯಿತು.

ಕಾರ್ಯಕ್ರಮದಲ್ಲಿ ಪ್ರಾಂಶುಪಾಲರು, ಎನ್‌ಎಸ್‌ಎಸ್ ಅಧಿಕಾರಿಗಳು, ಸ್ವಯಂಸೇವಕರು ಭಾಗವಹಿಸಿದ್ದರು.

ಬಾದಾಮಿ ತಾಲೂಕಿನ ಗ್ರಾಮದಲ್ಲಿ ನಡೆದ ಎನ್‌ಎಸ್‌ಎಸ್ ವಿಶೇಷ ಶಿಬಿರದ ಸಮಾರೋಪ ಸಮಾರಂಭ.
